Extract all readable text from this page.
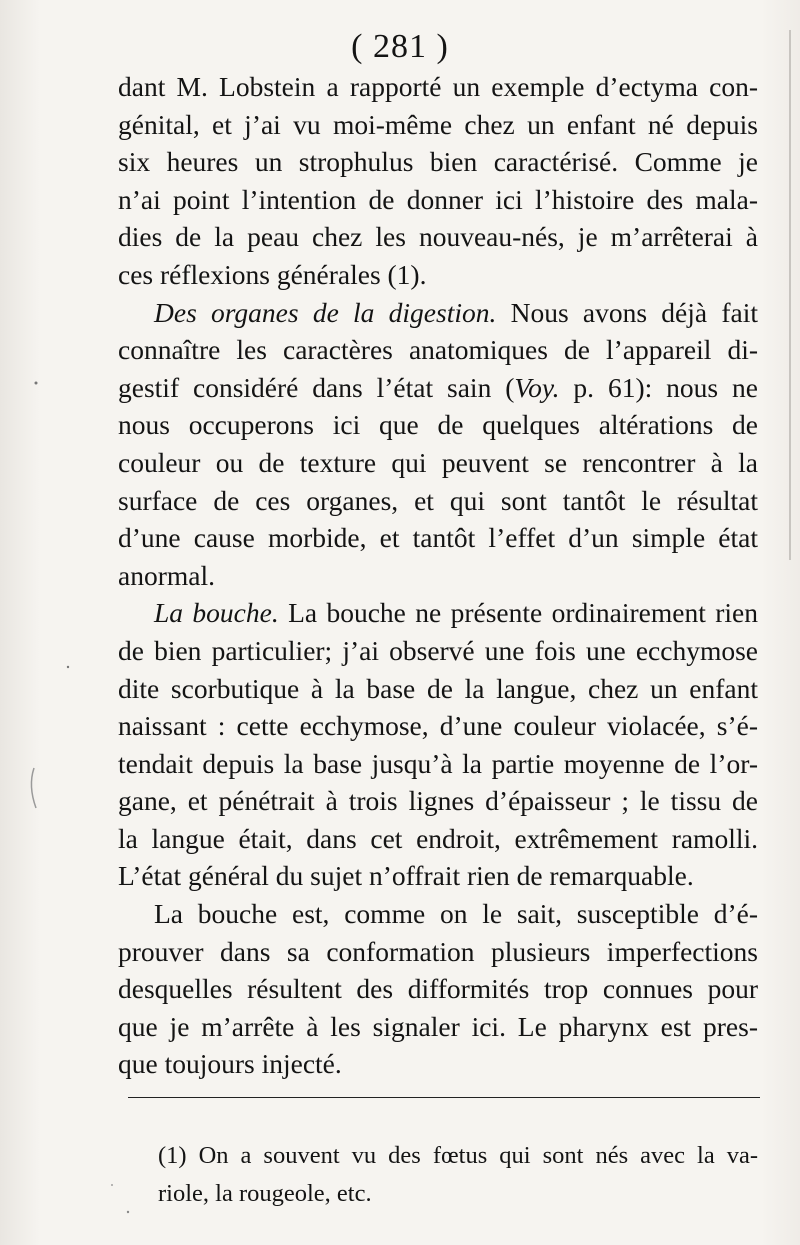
( 281 )
dant M. Lobstein a rapporté un exemple d’ectyma con-
génital, et j’ai vu moi-même chez un enfant né depuis
six heures un strophulus bien caractérisé. Comme je
n’ai point l’intention de donner ici l’histoire des mala-
dies de la peau chez les nouveau-nés, je m’arrêterai à
ces réflexions générales (1).
Des organes de la digestion. Nous avons déjà fait
connaître les caractères anatomiques de l’appareil di-
gestif considéré dans l’état sain (Voy. p. 61): nous ne
nous occuperons ici que de quelques altérations de
couleur ou de texture qui peuvent se rencontrer à la
surface de ces organes, et qui sont tantôt le résultat
d’une cause morbide, et tantôt l’effet d’un simple état
anormal.
La bouche. La bouche ne présente ordinairement rien
de bien particulier; j’ai observé une fois une ecchymose
dite scorbutique à la base de la langue, chez un enfant
naissant : cette ecchymose, d’une couleur violacée, s’é-
tendait depuis la base jusqu’à la partie moyenne de l’or-
gane, et pénétrait à trois lignes d’épaisseur ; le tissu de
la langue était, dans cet endroit, extrêmement ramolli.
L’état général du sujet n’offrait rien de remarquable.
La bouche est, comme on le sait, susceptible d’é-
prouver dans sa conformation plusieurs imperfections
desquelles résultent des difformités trop connues pour
que je m’arrête à les signaler ici. Le pharynx est pres-
que toujours injecté.
(1) On a souvent vu des fœtus qui sont nés avec la va-
riole, la rougeole, etc.
